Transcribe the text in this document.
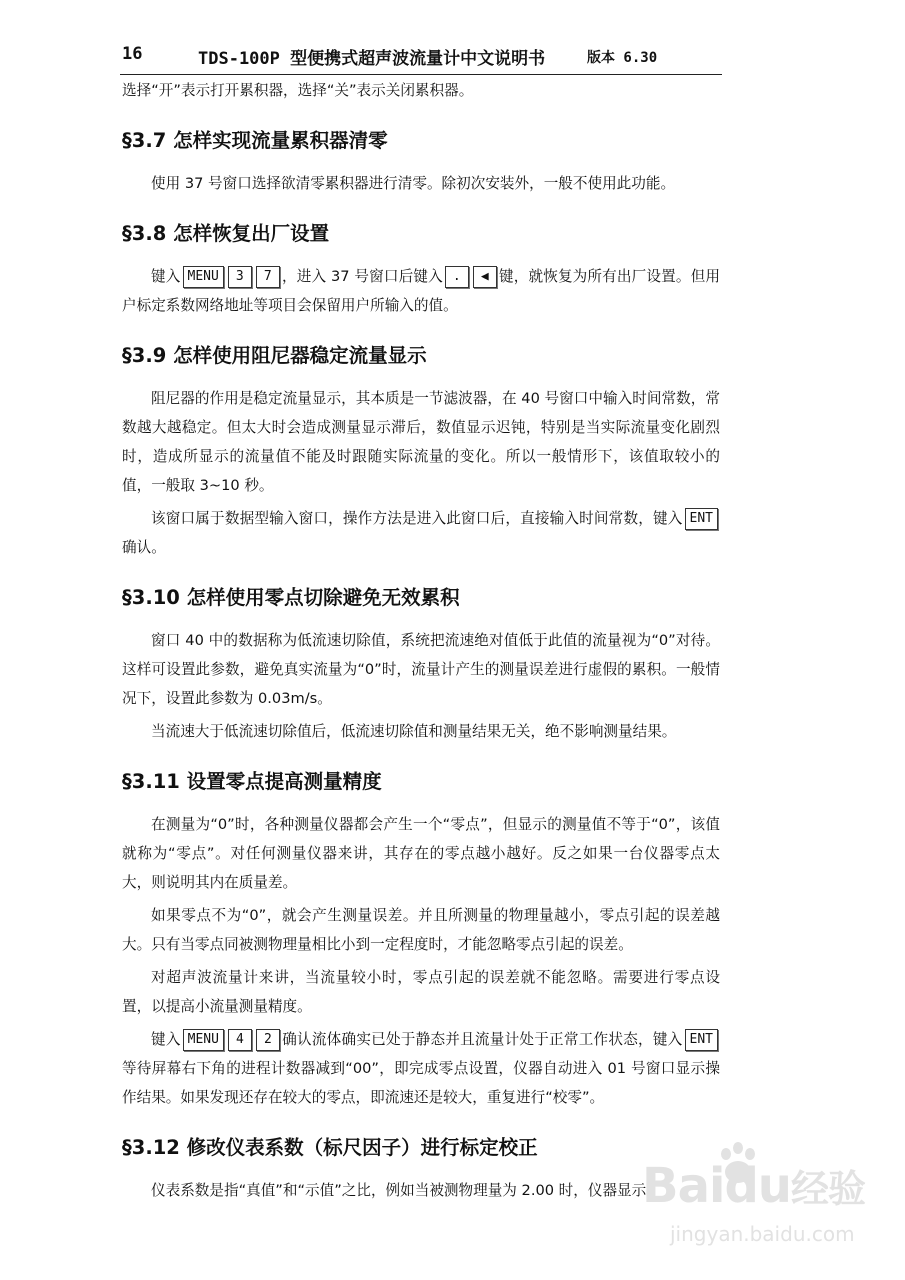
16	TDS-100P 型便携式超声波流量计中文说明书	版本 6.30

选择“开”表示打开累积器，选择“关”表示关闭累积器。

§3.7 怎样实现流量累积器清零

使用 37 号窗口选择欲清零累积器进行清零。除初次安装外，一般不使用此功能。

§3.8 怎样恢复出厂设置

键入 MENU 3 7 ，进入 37 号窗口后键入 . ◀ 键，就恢复为所有出厂设置。但用户标定系数网络地址等项目会保留用户所输入的值。

§3.9 怎样使用阻尼器稳定流量显示

阻尼器的作用是稳定流量显示，其本质是一节滤波器，在 40 号窗口中输入时间常数，常数越大越稳定。但太大时会造成测量显示滞后，数值显示迟钝，特别是当实际流量变化剧烈时，造成所显示的流量值不能及时跟随实际流量的变化。所以一般情形下，该值取较小的值，一般取 3~10 秒。

该窗口属于数据型输入窗口，操作方法是进入此窗口后，直接输入时间常数，键入 ENT确认。

§3.10 怎样使用零点切除避免无效累积

窗口 40 中的数据称为低流速切除值，系统把流速绝对值低于此值的流量视为“0”对待。这样可设置此参数，避免真实流量为“0”时，流量计产生的测量误差进行虚假的累积。一般情况下，设置此参数为 0.03m/s。

当流速大于低流速切除值后，低流速切除值和测量结果无关，绝不影响测量结果。

§3.11 设置零点提高测量精度

在测量为“0”时，各种测量仪器都会产生一个“零点”，但显示的测量值不等于“0”，该值就称为“零点”。对任何测量仪器来讲，其存在的零点越小越好。反之如果一台仪器零点太大，则说明其内在质量差。

如果零点不为“0”，就会产生测量误差。并且所测量的物理量越小，零点引起的误差越大。只有当零点同被测物理量相比小到一定程度时，才能忽略零点引起的误差。

对超声波流量计来讲，当流量较小时，零点引起的误差就不能忽略。需要进行零点设置，以提高小流量测量精度。

键入 MENU 4 2 确认流体确实已处于静态并且流量计处于正常工作状态，键入 ENT等待屏幕右下角的进程计数器减到“00”，即完成零点设置，仪器自动进入 01 号窗口显示操作结果。如果发现还存在较大的零点，即流速还是较大，重复进行“校零”。

§3.12 修改仪表系数（标尺因子）进行标定校正

仪表系数是指“真值”和“示值”之比，例如当被测物理量为 2.00 时，仪器显示

Baidu经验
jingyan.baidu.com
